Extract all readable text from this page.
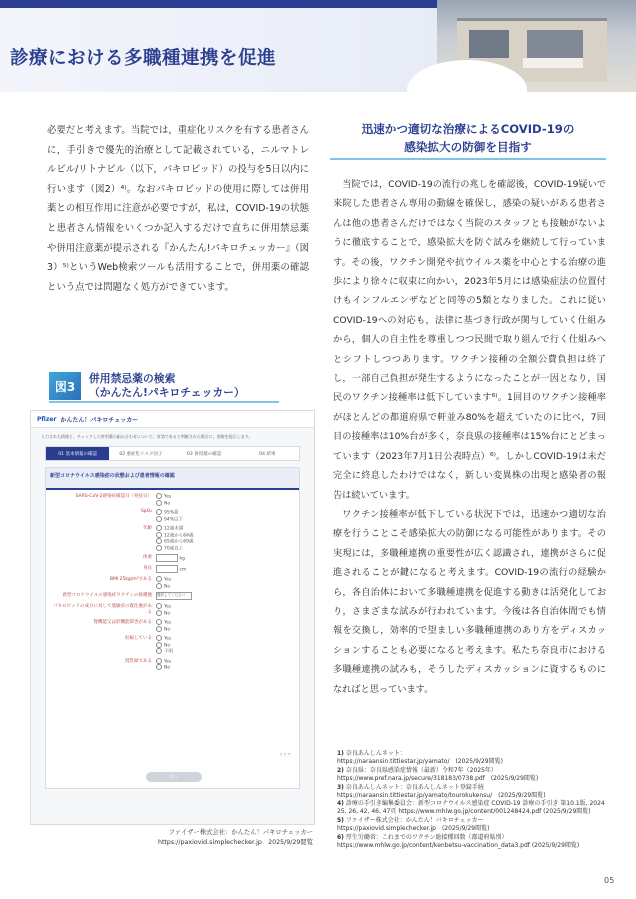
診療における多職種連携を促進

必要だと考えます。当院では，重症化リスクを有する患者さんに，手引きで優先的治療として記載されている，ニルマトレルビル/リトナビル（以下，パキロビッド）の投与を5日以内に行います（図2）⁴⁾。なおパキロビッドの使用に際しては併用薬との相互作用に注意が必要ですが，私は，COVID-19の状態と患者さん情報をいくつか記入するだけで直ちに併用禁忌薬や併用注意薬が提示される『かんたん!パキロチェッカー』（図3）⁵⁾というWeb検索ツールも活用することで，併用薬の確認という点では問題なく処方ができています。

図3
併用禁忌薬の検索
（かんたん!パキロチェッカー）
Pfizer かんたん！パキロチェッカー
入力された情報と、チェックした併用薬の組み合わせについて、有効であると判断された場合に、情報を提示します。
01 基本情報の確認	02 重症化リスク因子	03 併用薬の確認	04 結果
新型コロナウイルス感染症の状態および患者情報の確認
SARS-CoV-2感染症確認日（発症日）	Yes
No
SpO₂	95%超
94%以下
年齢	12歳未満
12歳から64歳
65歳から69歳
70歳以上
体重	kg
身長	cm
BMI 25kg/m²である	Yes
No
新型コロナウイルス感染症ワクチンの接種歴	選択してください
パキロビッドの成分に対して過敏症の既往歴がある
Yes
No
腎機能又は肝機能障害がある	Yes
No
妊娠している	Yes
No
不明
授乳婦である	Yes
No
クリア
次へ
ファイザー株式会社：かんたん！パキロチェッカー
https://paxiovid.simplechecker.jp　2025/9/29閲覧
迅速かつ適切な治療によるCOVID-19の
感染拡大の防御を目指す

当院では，COVID-19の流行の兆しを確認後，COVID-19疑いで来院した患者さん専用の動線を確保し，感染の疑いがある患者さんは他の患者さんだけではなく当院のスタッフとも接触がないように徹底することで，感染拡大を防ぐ試みを継続して行っています。その後，ワクチン開発や抗ウイルス薬を中心とする治療の進歩により徐々に収束に向かい，2023年5月には感染症法の位置付けもインフルエンザなどと同等の5類となりました。これに従いCOVID-19への対応も，法律に基づき行政が関与していく仕組みから，個人の自主性を尊重しつつ民間で取り組んで行く仕組みへとシフトしつつあります。ワクチン接種の全額公費負担は終了し，一部自己負担が発生するようになったことが一因となり，国民のワクチン接種率は低下しています⁶⁾。1回目のワクチン接種率がほとんどの都道府県で軒並み80%を超えていたのに比べ，7回目の接種率は10%台が多く，奈良県の接種率は15%台にとどまっています（2023年7月1日公表時点）⁶⁾。しかしCOVID-19は未だ完全に終息したわけではなく，新しい変異株の出現と感染者の報告は続いています。

ワクチン接種率が低下している状況下では，迅速かつ適切な治療を行うことこそ感染拡大の防御になる可能性があります。その実現には，多職種連携の重要性が広く認識され，連携がさらに促進されることが鍵になると考えます。COVID-19の流行の経験から，各自治体において多職種連携を促進する動きは活発化しており，さまざまな試みが行われています。今後は各自治体間でも情報を交換し，効率的で望ましい多職種連携のあり方をディスカッションすることも必要になると考えます。私たち奈良市における多職種連携の試みも，そうしたディスカッションに資するものになればと思っています。

1) 奈良あんしんネット：
https://naraansin.tittiestar.jp/yamato/　(2025/9/29閲覧)
2) 奈良県：奈良県感染症情報（最新）令和7年（2025年）
https://www.pref.nara.jp/secure/318183/0738.pdf　(2025/9/29閲覧)
3) 奈良あんしんネット：奈良あんしんネット登録手続
https://naraansin.tittiestar.jp/yamato/tourokukensu/　(2025/9/29閲覧)
4) 診療の手引き編集委員会：新型コロナウイルス感染症 COVID-19 診療の手引き 第10.1版, 2024
25, 26, 42, 46, 47頁 https://www.mhlw.go.jp/content/001248424.pdf (2025/9/29閲覧)
5) ファイザー株式会社：かんたん！パキロチェッカー
https://paxiovid.simplechecker.jp　(2025/9/29閲覧)
6) 厚生労働省：これまでのワクチン総接種回数（都道府県別）
https://www.mhlw.go.jp/content/kenbetsu-vaccination_data3.pdf (2025/9/29閲覧)
05
